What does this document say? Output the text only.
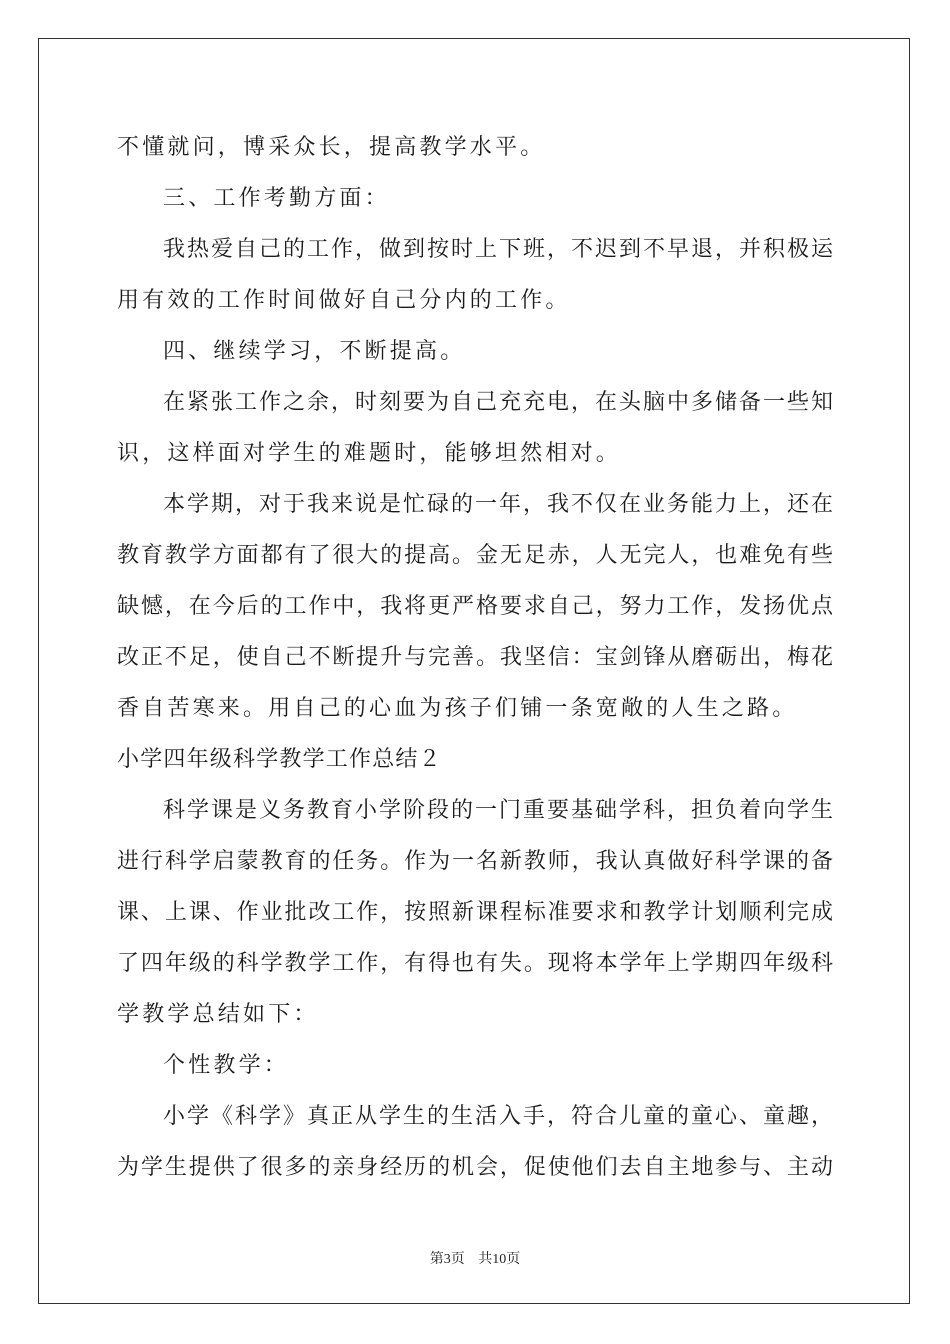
不懂就问，博采众长，提高教学水平。
三、工作考勤方面：
我热爱自己的工作，做到按时上下班，不迟到不早退，并积极运
用有效的工作时间做好自己分内的工作。
四、继续学习，不断提高。
在紧张工作之余，时刻要为自己充充电，在头脑中多储备一些知
识，这样面对学生的难题时，能够坦然相对。
本学期，对于我来说是忙碌的一年，我不仅在业务能力上，还在
教育教学方面都有了很大的提高。金无足赤，人无完人，也难免有些
缺憾，在今后的工作中，我将更严格要求自己，努力工作，发扬优点
改正不足，使自己不断提升与完善。我坚信：宝剑锋从磨砺出，梅花
香自苦寒来。用自己的心血为孩子们铺一条宽敞的人生之路。
小学四年级科学教学工作总结２
科学课是义务教育小学阶段的一门重要基础学科，担负着向学生
进行科学启蒙教育的任务。作为一名新教师，我认真做好科学课的备
课、上课、作业批改工作，按照新课程标准要求和教学计划顺利完成
了四年级的科学教学工作，有得也有失。现将本学年上学期四年级科
学教学总结如下：
个性教学：
小学《科学》真正从学生的生活入手，符合儿童的童心、童趣，
为学生提供了很多的亲身经历的机会，促使他们去自主地参与、主动
第3页 共10页
